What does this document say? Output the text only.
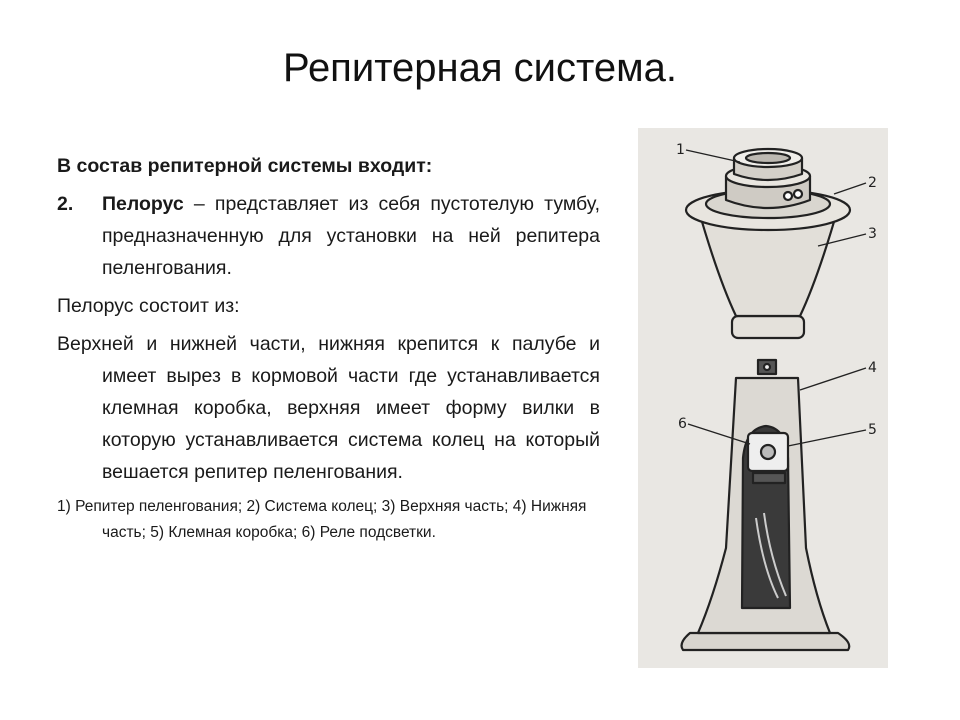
Репитерная система.

В состав репитерной системы входит:

2.	Пелорус – представляет из себя пустотелую тумбу, предназначенную для установки на ней репитера пеленгования.

Пелорус состоит из:

Верхней и нижней части, нижняя крепится к палубе и имеет вырез в кормовой части где устанавливается клемная коробка, верхняя имеет форму вилки в которую устанавливается система колец на который вешается репитер пеленгования.

1) Репитер пеленгования; 2) Система колец; 3) Верхняя часть; 4) Нижняя часть; 5) Клемная коробка; 6) Реле подсветки.

1
2
3
4
5
6
